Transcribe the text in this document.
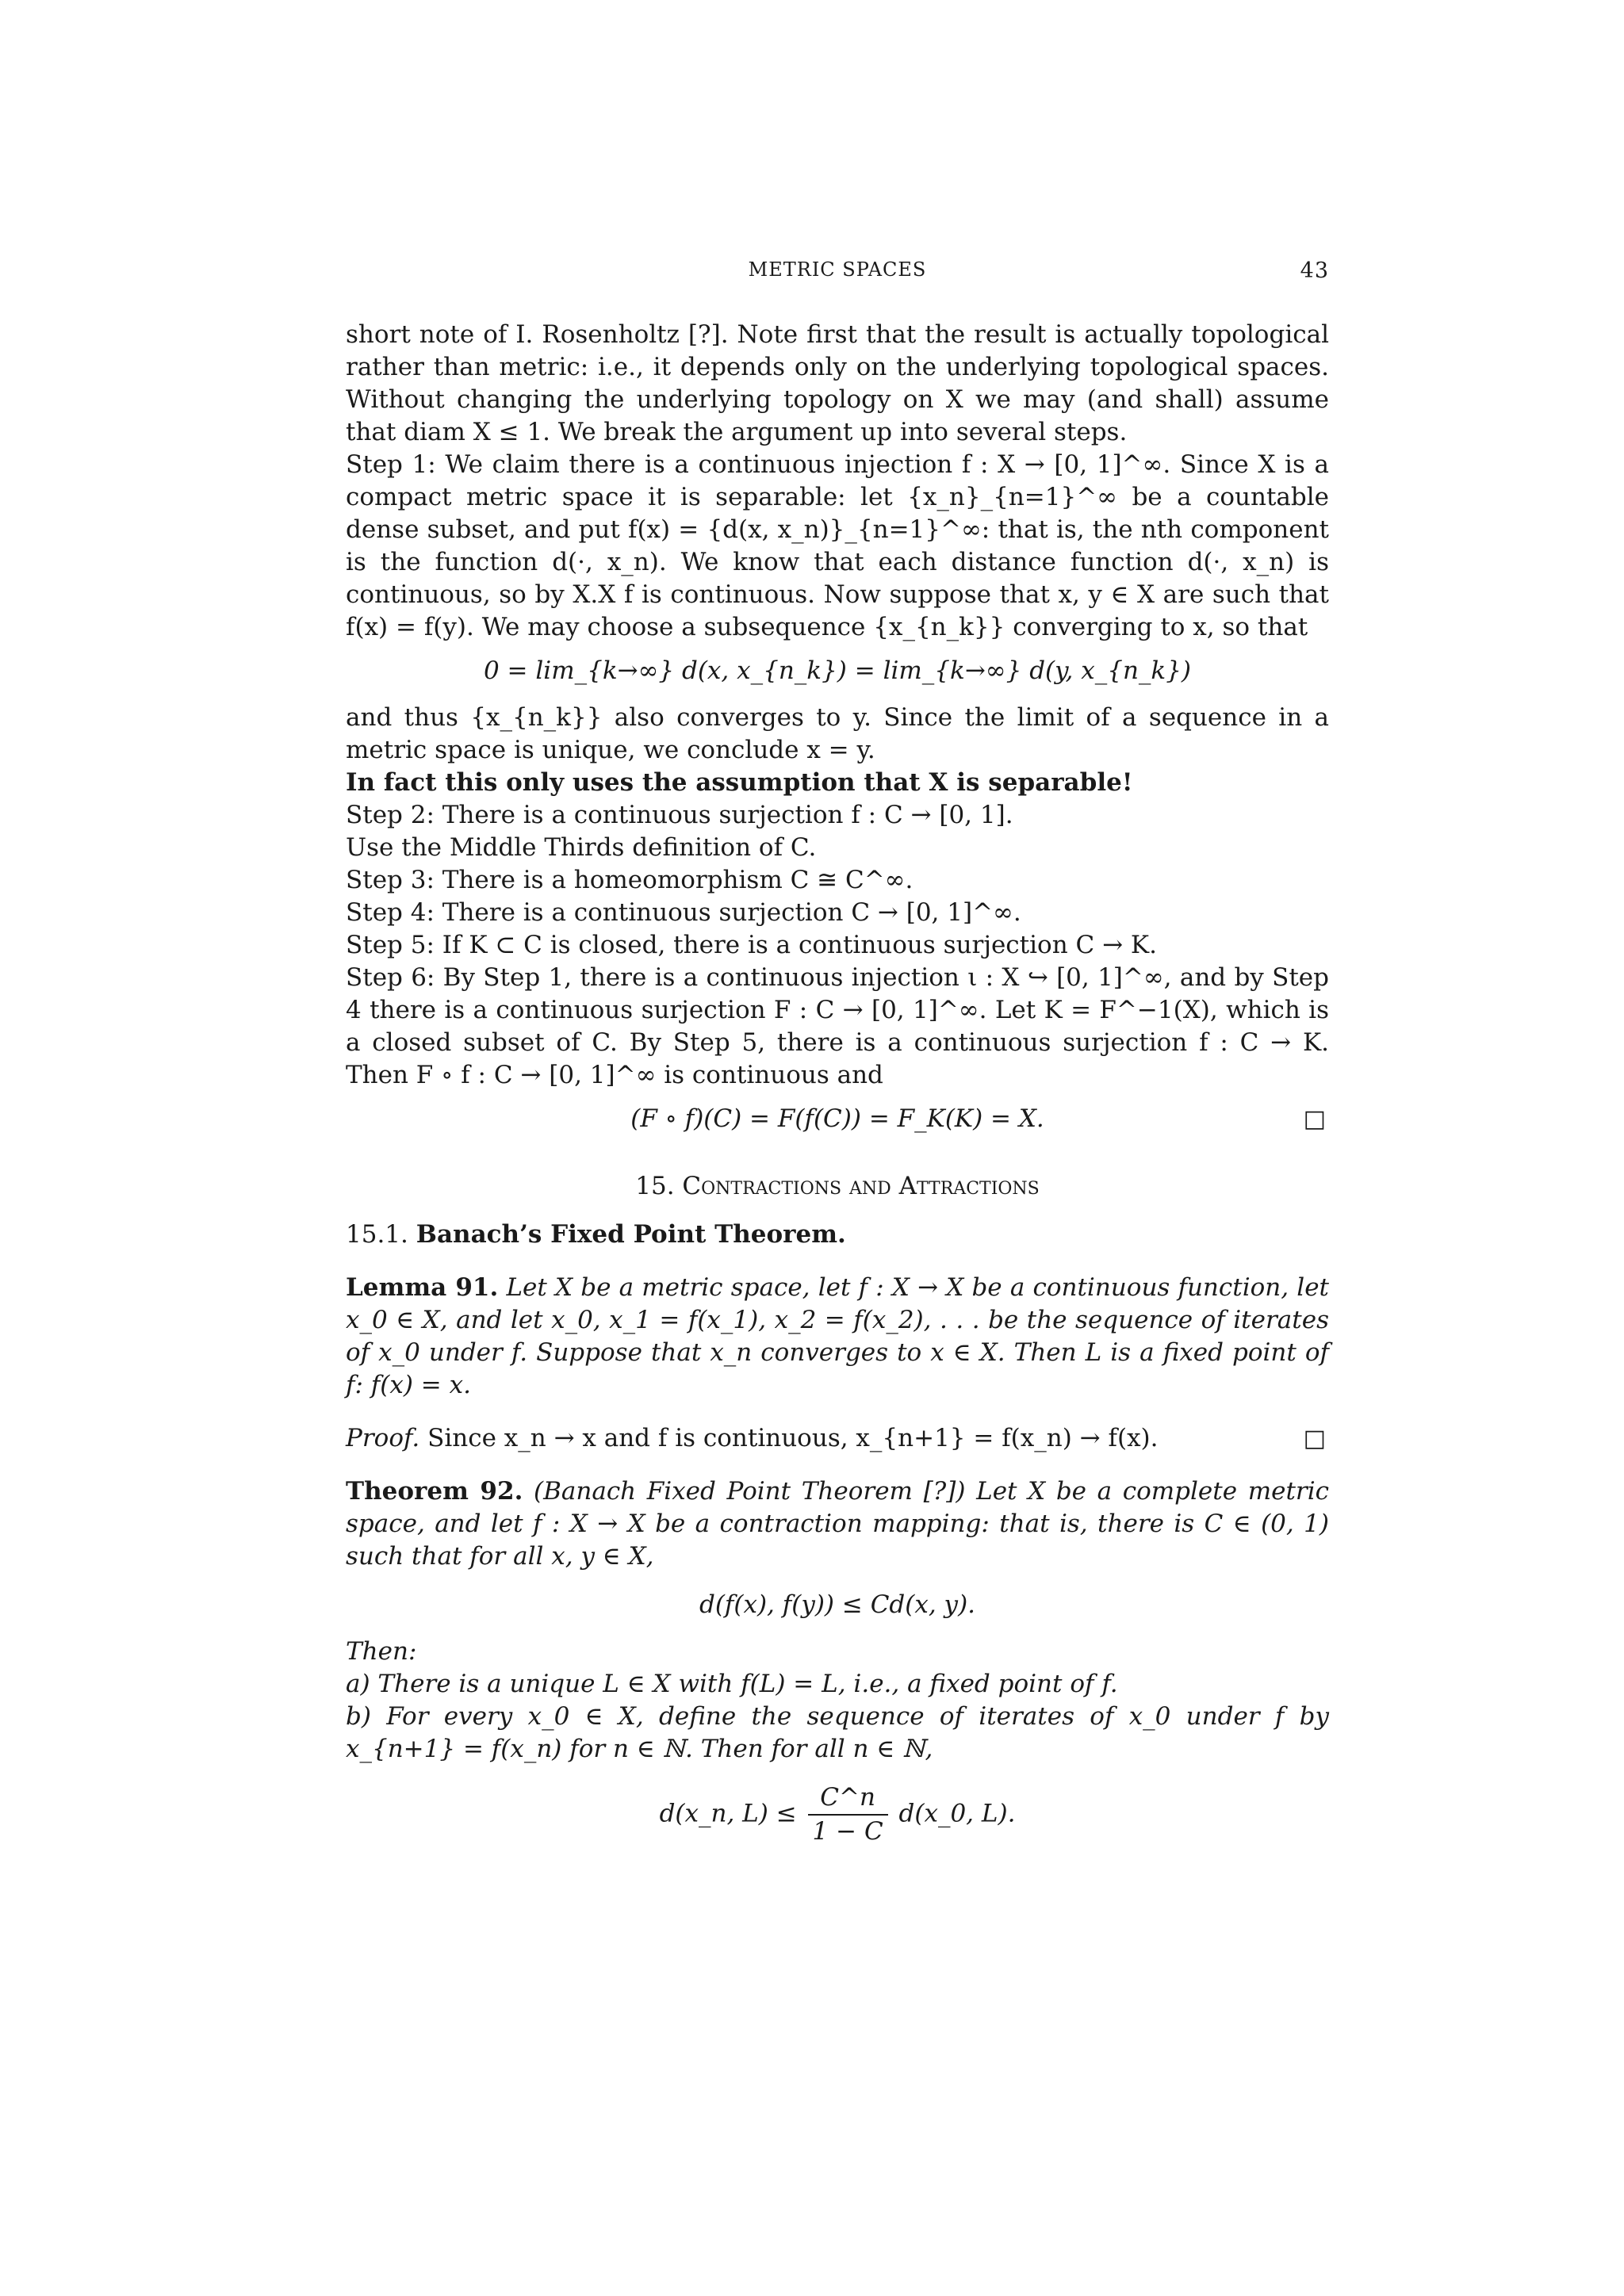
METRIC SPACES	43

short note of I. Rosenholtz [?]. Note first that the result is actually topological rather than metric: i.e., it depends only on the underlying topological spaces. Without changing the underlying topology on X we may (and shall) assume that diam X ≤ 1. We break the argument up into several steps.

Step 1: We claim there is a continuous injection f : X → [0, 1]^∞. Since X is a compact metric space it is separable: let {x_n}_{n=1}^∞ be a countable dense subset, and put f(x) = {d(x, x_n)}_{n=1}^∞: that is, the nth component is the function d(·, x_n). We know that each distance function d(·, x_n) is continuous, so by X.X f is continuous. Now suppose that x, y ∈ X are such that f(x) = f(y). We may choose a subsequence {x_{n_k}} converging to x, so that

0 = lim_{k→∞} d(x, x_{n_k}) = lim_{k→∞} d(y, x_{n_k})

and thus {x_{n_k}} also converges to y. Since the limit of a sequence in a metric space is unique, we conclude x = y.

In fact this only uses the assumption that X is separable!

Step 2: There is a continuous surjection f : C → [0, 1].

Use the Middle Thirds definition of C.

Step 3: There is a homeomorphism C ≅ C^∞.

Step 4: There is a continuous surjection C → [0, 1]^∞.

Step 5: If K ⊂ C is closed, there is a continuous surjection C → K.

Step 6: By Step 1, there is a continuous injection ι : X ↪ [0, 1]^∞, and by Step 4 there is a continuous surjection F : C → [0, 1]^∞. Let K = F^−1(X), which is a closed subset of C. By Step 5, there is a continuous surjection f : C → K. Then F ∘ f : C → [0, 1]^∞ is continuous and

(F ∘ f)(C) = F(f(C)) = F_K(K) = X.	□
15. Contractions and Attractions
15.1. Banach’s Fixed Point Theorem.

Lemma 91. Let X be a metric space, let f : X → X be a continuous function, let x_0 ∈ X, and let x_0, x_1 = f(x_1), x_2 = f(x_2), . . . be the sequence of iterates of x_0 under f. Suppose that x_n converges to x ∈ X. Then L is a fixed point of f: f(x) = x.

Proof. Since x_n → x and f is continuous, x_{n+1} = f(x_n) → f(x).	□

Theorem 92. (Banach Fixed Point Theorem [?]) Let X be a complete metric space, and let f : X → X be a contraction mapping: that is, there is C ∈ (0, 1) such that for all x, y ∈ X,

d(f(x), f(y)) ≤ Cd(x, y).

Then:

a) There is a unique L ∈ X with f(L) = L, i.e., a fixed point of f.

b) For every x_0 ∈ X, define the sequence of iterates of x_0 under f by x_{n+1} = f(x_n) for n ∈ ℕ. Then for all n ∈ ℕ,

d(x_n, $L) \le \frac{C\^{}n}{1 - C}$ d(x_0, L).
